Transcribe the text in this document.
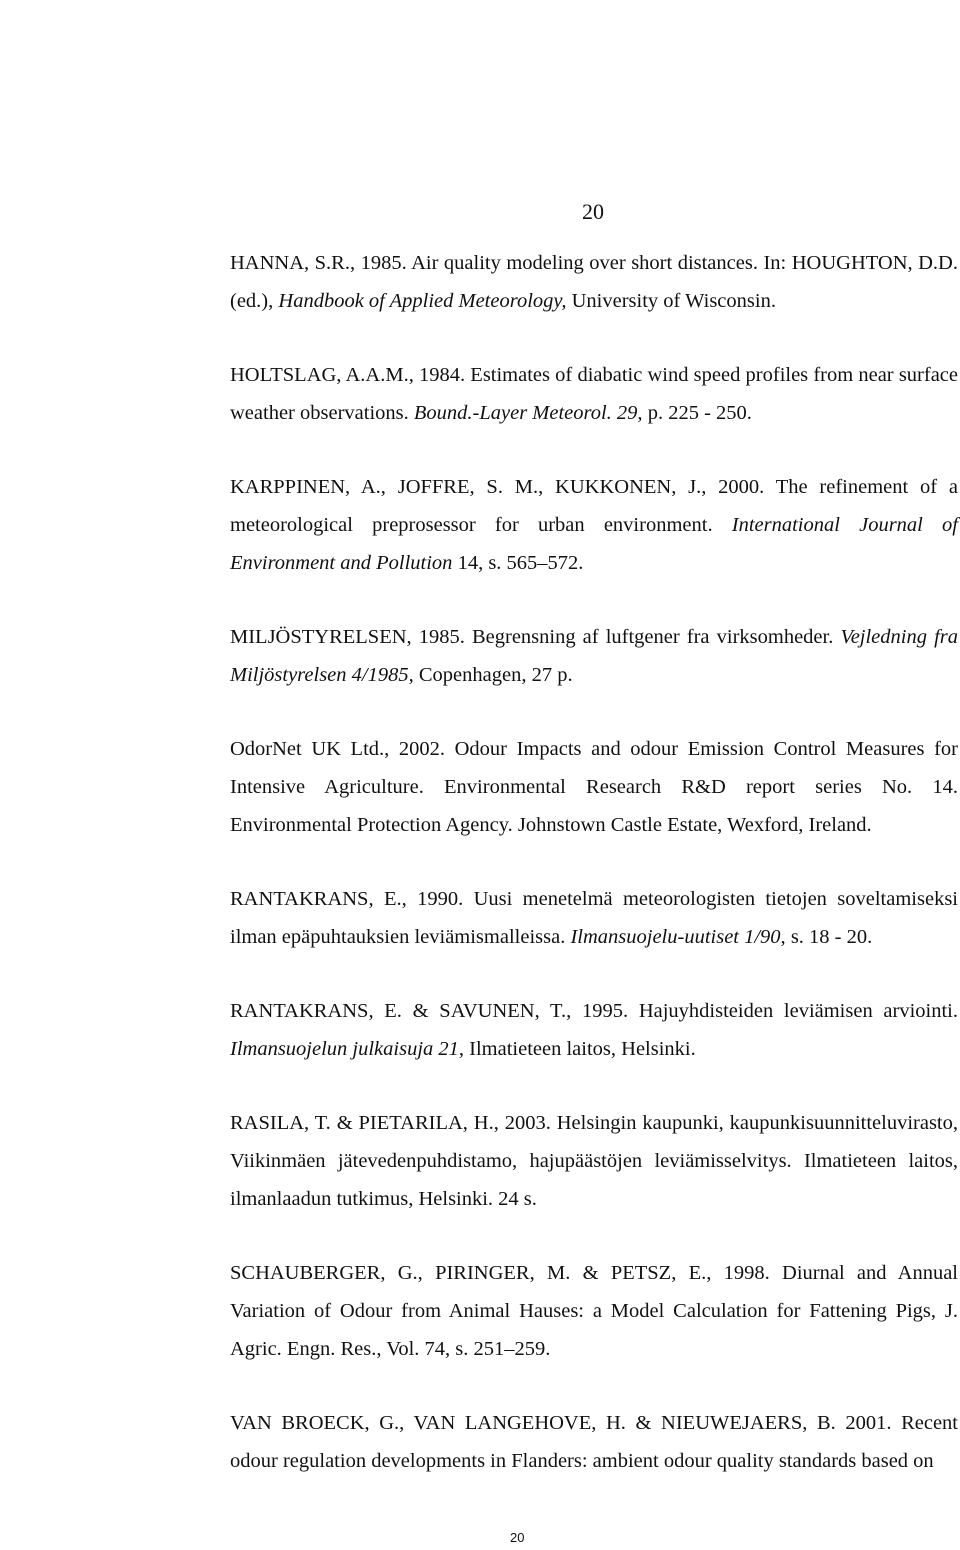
20

HANNA, S.R., 1985. Air quality modeling over short distances. In: HOUGHTON, D.D. (ed.), Handbook of Applied Meteorology, University of Wisconsin.

HOLTSLAG, A.A.M., 1984. Estimates of diabatic wind speed profiles from near surface weather observations. Bound.-Layer Meteorol. 29, p. 225 - 250.

KARPPINEN, A., JOFFRE, S. M., KUKKONEN, J., 2000. The refinement of a meteorological preprosessor for urban environment. International Journal of Environment and Pollution 14, s. 565–572.

MILJÖSTYRELSEN, 1985. Begrensning af luftgener fra virksomheder. Vejledning fra Miljöstyrelsen 4/1985, Copenhagen, 27 p.

OdorNet UK Ltd., 2002. Odour Impacts and odour Emission Control Measures for Intensive Agriculture. Environmental Research R&D report series No. 14. Environmental Protection Agency. Johnstown Castle Estate, Wexford, Ireland.

RANTAKRANS, E., 1990. Uusi menetelmä meteorologisten tietojen soveltamiseksi ilman epäpuhtauksien leviämismalleissa. Ilmansuojelu-uutiset 1/90, s. 18 - 20.

RANTAKRANS, E. & SAVUNEN, T., 1995. Hajuyhdisteiden leviämisen arviointi. Ilmansuojelun julkaisuja 21, Ilmatieteen laitos, Helsinki.

RASILA, T. & PIETARILA, H., 2003. Helsingin kaupunki, kaupunkisuunnitteluvirasto, Viikinmäen jätevedenpuhdistamo, hajupäästöjen leviämisselvitys. Ilmatieteen laitos, ilmanlaadun tutkimus, Helsinki. 24 s.

SCHAUBERGER, G., PIRINGER, M. & PETSZ, E., 1998. Diurnal and Annual Variation of Odour from Animal Hauses: a Model Calculation for Fattening Pigs, J. Agric. Engn. Res., Vol. 74, s. 251–259.

VAN BROECK, G., VAN LANGEHOVE, H. & NIEUWEJAERS, B. 2001. Recent odour regulation developments in Flanders: ambient odour quality standards based on

20
